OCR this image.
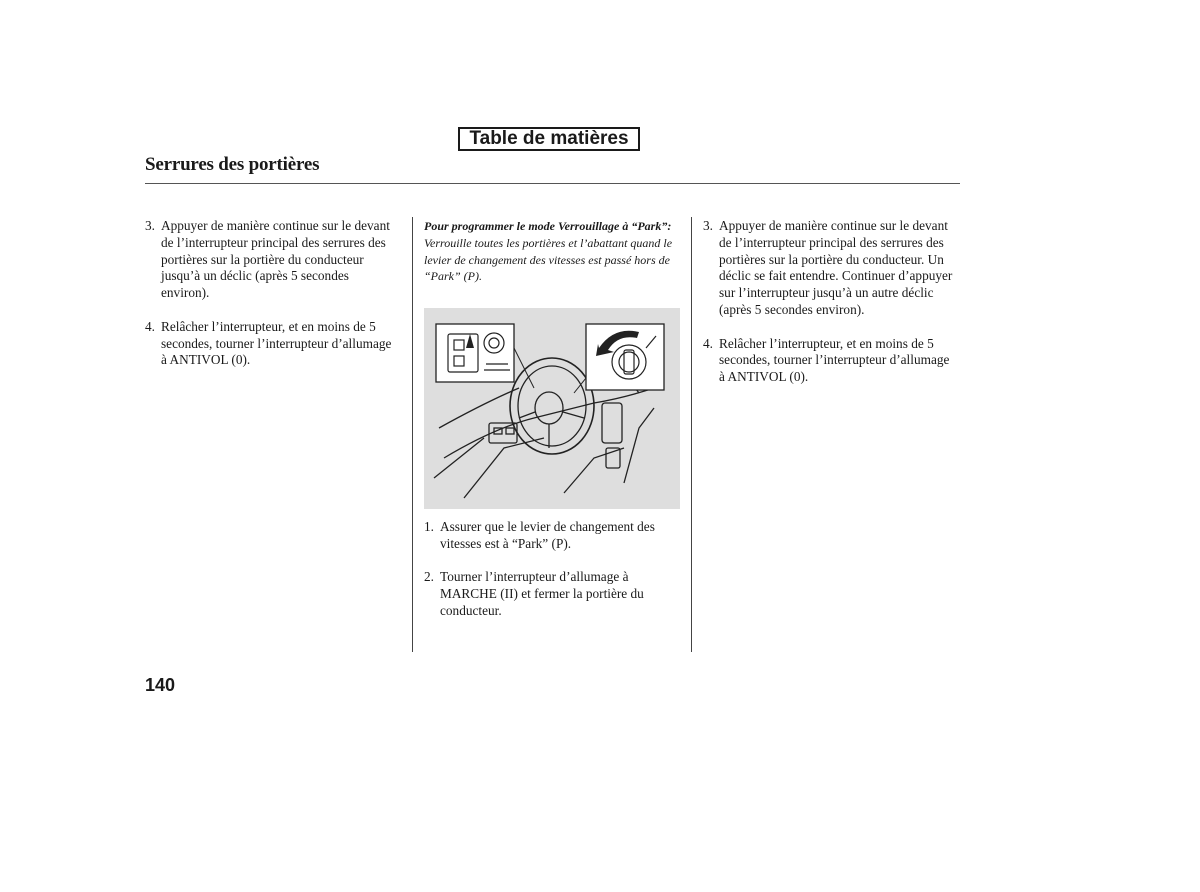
Table de matières
Serrures des portières
3. Appuyer de manière continue sur le devant de l’interrupteur principal des serrures des portières sur la portière du conducteur jusqu’à un déclic (après 5 secondes environ).
4. Relâcher l’interrupteur, et en moins de 5 secondes, tourner l’interrupteur d’allumage à ANTIVOL (0).
Pour programmer le mode Verrouillage à “Park”:
Verrouille toutes les portières et l’abattant quand le levier de changement des vitesses est passé hors de “Park” (P).
1. Assurer que le levier de changement des vitesses est à “Park” (P).
2. Tourner l’interrupteur d’allumage à MARCHE (II) et fermer la portière du conducteur.
3. Appuyer de manière continue sur le devant de l’interrupteur principal des serrures des portières sur la portière du conducteur. Un déclic se fait entendre. Continuer d’appuyer sur l’interrupteur jusqu’à un autre déclic (après 5 secondes environ).
4. Relâcher l’interrupteur, et en moins de 5 secondes, tourner l’interrupteur d’allumage à ANTIVOL (0).
140
